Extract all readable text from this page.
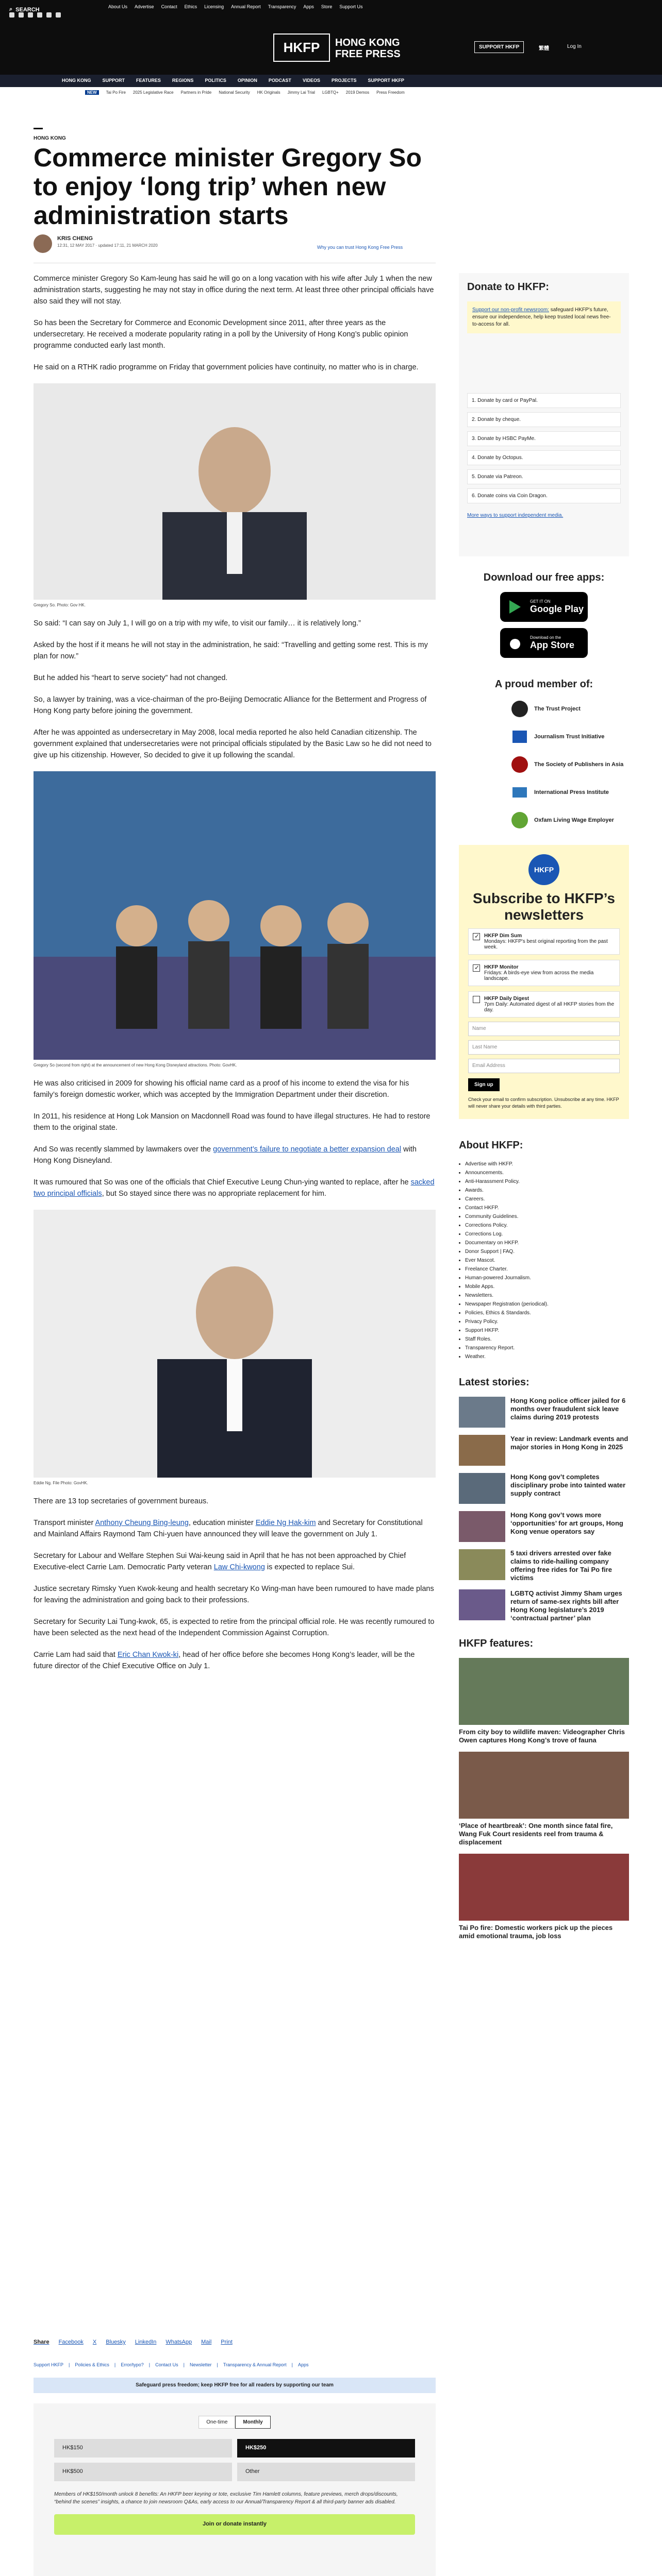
⌕ SEARCH	About Us Advertise Contact Ethics Licensing Annual Report Transparency Apps Store Support Us
HKFP	HONG KONG
FREE PRESS
SUPPORT HKFP	繁體	Log In
HONG KONG SUPPORT FEATURES REGIONS POLITICS OPINION PODCAST VIDEOS PROJECTS SUPPORT HKFP
NEW	Tai Po Fire 2025 Legislative Race Partners in Pride National Security HK Originals Jimmy Lai Trial LGBTQ+ 2019 Demos Press Freedom
HONG KONG
Commerce minister Gregory So to enjoy ‘long trip’ when new administration starts
KRIS CHENG
12:31, 12 MAY 2017 · updated 17:11, 21 MARCH 2020	Why you can trust Hong Kong Free Press

Commerce minister Gregory So Kam-leung has said he will go on a long vacation with his wife after July 1 when the new administration starts, suggesting he may not stay in office during the next term. At least three other principal officials have also said they will not stay.

So has been the Secretary for Commerce and Economic Development since 2011, after three years as the undersecretary. He received a moderate popularity rating in a poll by the University of Hong Kong’s public opinion programme conducted early last month.

He said on a RTHK radio programme on Friday that government policies have continuity, no matter who is in charge.

Gregory So. Photo: Gov HK.

So said: “I can say on July 1, I will go on a trip with my wife, to visit our family… it is relatively long.”

Asked by the host if it means he will not stay in the administration, he said: “Travelling and getting some rest. This is my plan for now.”

But he added his “heart to serve society” had not changed.

So, a lawyer by training, was a vice-chairman of the pro-Beijing Democratic Alliance for the Betterment and Progress of Hong Kong party before joining the government.

After he was appointed as undersecretary in May 2008, local media reported he also held Canadian citizenship. The government explained that undersecretaries were not principal officials stipulated by the Basic Law so he did not need to give up his citizenship. However, So decided to give it up following the scandal.

Gregory So (second from right) at the announcement of new Hong Kong Disneyland attractions. Photo: GovHK.

He was also criticised in 2009 for showing his official name card as a proof of his income to extend the visa for his family’s foreign domestic worker, which was accepted by the Immigration Department under their discretion.

In 2011, his residence at Hong Lok Mansion on Macdonnell Road was found to have illegal structures. He had to restore them to the original state.

And So was recently slammed by lawmakers over the government’s failure to negotiate a better expansion deal with Hong Kong Disneyland.

It was rumoured that So was one of the officials that Chief Executive Leung Chun-ying wanted to replace, after he sacked two principal officials, but So stayed since there was no appropriate replacement for him.

Eddie Ng. File Photo: GovHK.

There are 13 top secretaries of government bureaus.

Transport minister Anthony Cheung Bing-leung, education minister Eddie Ng Hak-kim and Secretary for Constitutional and Mainland Affairs Raymond Tam Chi-yuen have announced they will leave the government on July 1.

Secretary for Labour and Welfare Stephen Sui Wai-keung said in April that he has not been approached by Chief Executive-elect Carrie Lam. Democratic Party veteran Law Chi-kwong is expected to replace Sui.

Justice secretary Rimsky Yuen Kwok-keung and health secretary Ko Wing-man have been rumoured to have made plans for leaving the administration and going back to their professions.

Secretary for Security Lai Tung-kwok, 65, is expected to retire from the principal official role. He was recently rumoured to have been selected as the next head of the Independent Commission Against Corruption.

Carrie Lam had said that Eric Chan Kwok-ki, head of her office before she becomes Hong Kong’s leader, will be the future director of the Chief Executive Office on July 1.

Share Facebook X Bluesky LinkedIn WhatsApp Mail Print
Support HKFP | Policies & Ethics | Error/typo? | Contact Us | Newsletter | Transparency & Annual Report | Apps
Safeguard press freedom; keep HKFP free for all readers by supporting our team
One-time	Monthly
HK$150	HK$250
HK$500	Other

Members of HK$150/month unlock 8 benefits: An HKFP beer keyring or tote, exclusive Tim Hamlett columns, feature previews, merch drops/discounts, “behind the scenes” insights, a chance to join newsroom Q&As, early access to our Annual/Transparency Report & all third-party banner ads disabled.

Join or donate instantly

Donate to HKFP:
Support our non-profit newsroom: safeguard HKFP's future, ensure our independence, help keep trusted local news free-to-access for all.
1. Donate by card or PayPal.
2. Donate by cheque.
3. Donate by HSBC PayMe.
4. Donate by Octopus.
5. Donate via Patreon.
6. Donate coins via Coin Dragon.
More ways to support independent media.
Download our free apps:
GET IT ON
Google Play
Download on the
App Store
A proud member of:
The Trust Project
Journalism Trust Initiative
The Society of Publishers in Asia
International Press Institute
Oxfam Living Wage Employer
HKFP
Subscribe to HKFP’s newsletters
✓
HKFP Dim Sum
Mondays: HKFP's best original reporting from the past week.
✓
HKFP Monitor
Fridays: A birds-eye view from across the media landscape.
HKFP Daily Digest
7pm Daily: Automated digest of all HKFP stories from the day.
Name
Last Name
Email Address
Sign up

Check your email to confirm subscription. Unsubscribe at any time. HKFP will never share your details with third parties.

About HKFP:
• Advertise with HKFP.
• Announcements.
• Anti-Harassment Policy.
• Awards.
• Careers.
• Contact HKFP.
• Community Guidelines.
• Corrections Policy.
• Corrections Log.
• Documentary on HKFP.
• Donor Support | FAQ.
• Ever Mascot.
• Freelance Charter.
• Human-powered Journalism.
• Mobile Apps.
• Newsletters.
• Newspaper Registration (periodical).
• Policies, Ethics & Standards.
• Privacy Policy.
• Support HKFP.
• Staff Roles.
• Transparency Report.
• Weather.
Latest stories:
Hong Kong police officer jailed for 6 months over fraudulent sick leave claims during 2019 protests
Year in review: Landmark events and major stories in Hong Kong in 2025
Hong Kong gov’t completes disciplinary probe into tainted water supply contract
Hong Kong gov’t vows more ‘opportunities’ for art groups, Hong Kong venue operators say
5 taxi drivers arrested over fake claims to ride-hailing company offering free rides for Tai Po fire victims
LGBTQ activist Jimmy Sham urges return of same-sex rights bill after Hong Kong legislature’s 2019 ‘contractual partner’ plan
HKFP features:
From city boy to wildlife maven: Videographer Chris Owen captures Hong Kong’s trove of fauna
‘Place of heartbreak’: One month since fatal fire, Wang Fuk Court residents reel from trauma & displacement
Tai Po fire: Domestic workers pick up the pieces amid emotional trauma, job loss
